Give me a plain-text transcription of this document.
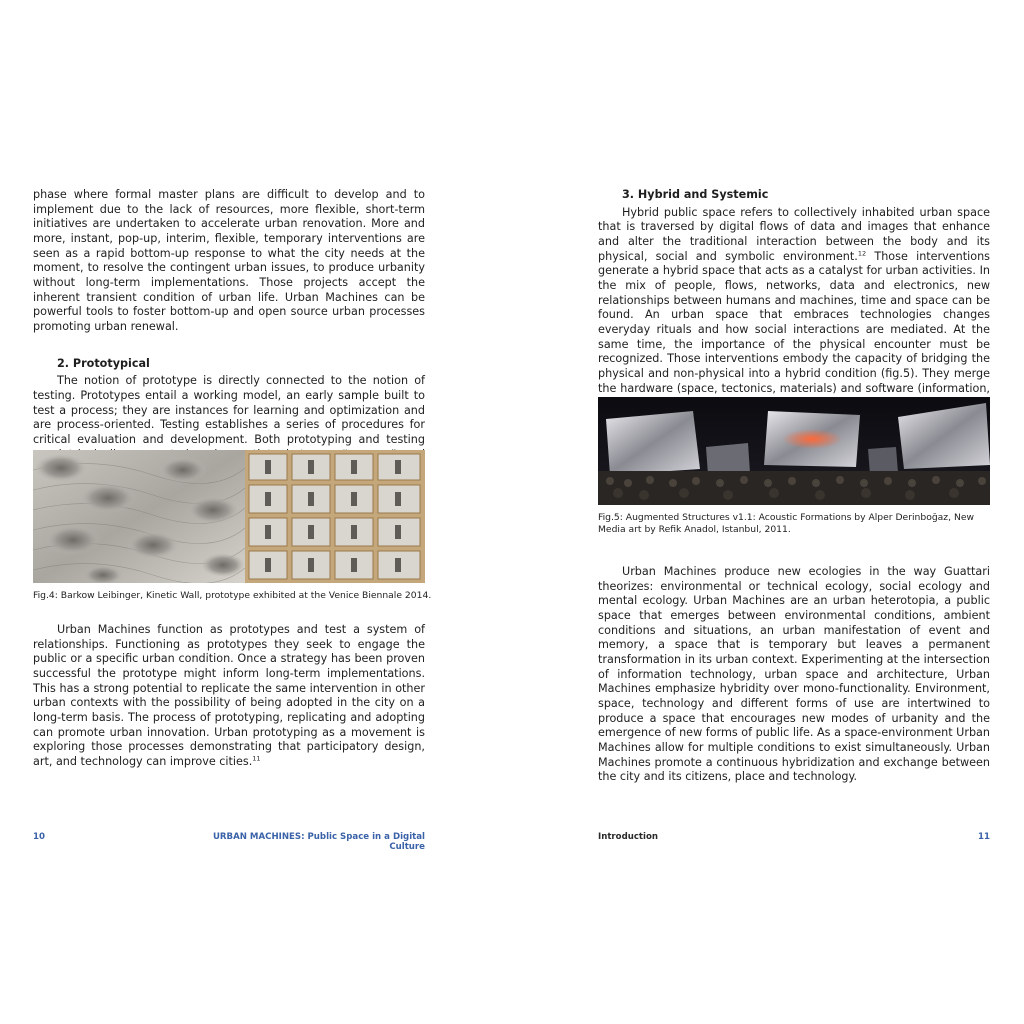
phase where formal master plans are difficult to develop and to implement due to the lack of resources, more flexible, short-term initiatives are undertaken to accelerate urban renovation. More and more, instant, pop-up, interim, flexible, temporary interventions are seen as a rapid bottom-up response to what the city needs at the moment, to resolve the contingent urban issues, to produce urbanity without long-term implementations. Those projects accept the inherent transient condition of urban life. Urban Machines can be powerful tools to foster bottom-up and open source urban processes promoting urban renewal.

2. Prototypical

The notion of prototype is directly connected to the notion of testing. Prototypes entail a working model, an early sample built to test a process; they are instances for learning and optimization and are process-oriented. Testing establishes a series of procedures for critical evaluation and development. Both prototyping and testing

Fig.4: Barkow Leibinger, Kinetic Wall, prototype exhibited at the Venice Biennale 2014.

Urban Machines function as prototypes and test a system of relationships. Functioning as prototypes they seek to engage the public or a specific urban condition. Once a strategy has been proven successful the prototype might inform long-term implementations. This has a strong potential to replicate the same intervention in other urban contexts with the possibility of being adopted in the city on a long-term basis. The process of prototyping, replicating and adopting can promote urban innovation. Urban prototyping as a movement is exploring those processes demonstrating that participatory design, art, and technology can improve cities.$^{11}$

10	URBAN MACHINES: Public Space in a Digital Culture

3. Hybrid and Systemic

Hybrid public space refers to collectively inhabited urban space that is traversed by digital flows of data and images that enhance and alter the traditional interaction between the body and its physical, social and symbolic environment.$^{12}$ Those interventions generate a hybrid space that acts as a catalyst for urban activities. In the mix of people, flows, networks, data and electronics, new relationships between humans and machines, time and space can be found. An urban space that embraces technologies changes everyday rituals and how social interactions are mediated. At the same time, the importance of the physical encounter must be recognized. Those interventions embody the capacity of bridging the physical and non-physical into a hybrid condition (fig.5). They merge the hardware (space, tectonics, materials) and software (information,

Fig.5: Augmented Structures v1.1: Acoustic Formations by Alper Derinboğaz, New Media art by Refik Anadol, Istanbul, 2011.

Urban Machines produce new ecologies in the way Guattari theorizes: environmental or technical ecology, social ecology and mental ecology. Urban Machines are an urban heterotopia, a public space that emerges between environmental conditions, ambient conditions and situations, an urban manifestation of event and memory, a space that is temporary but leaves a permanent transformation in its urban context. Experimenting at the intersection of information technology, urban space and architecture, Urban Machines emphasize hybridity over mono-functionality. Environment, space, technology and different forms of use are intertwined to produce a space that encourages new modes of urbanity and the emergence of new forms of public life. As a space-environment Urban Machines allow for multiple conditions to exist simultaneously. Urban Machines promote a continuous hybridization and exchange between the city and its citizens, place and technology.

Introduction	11
